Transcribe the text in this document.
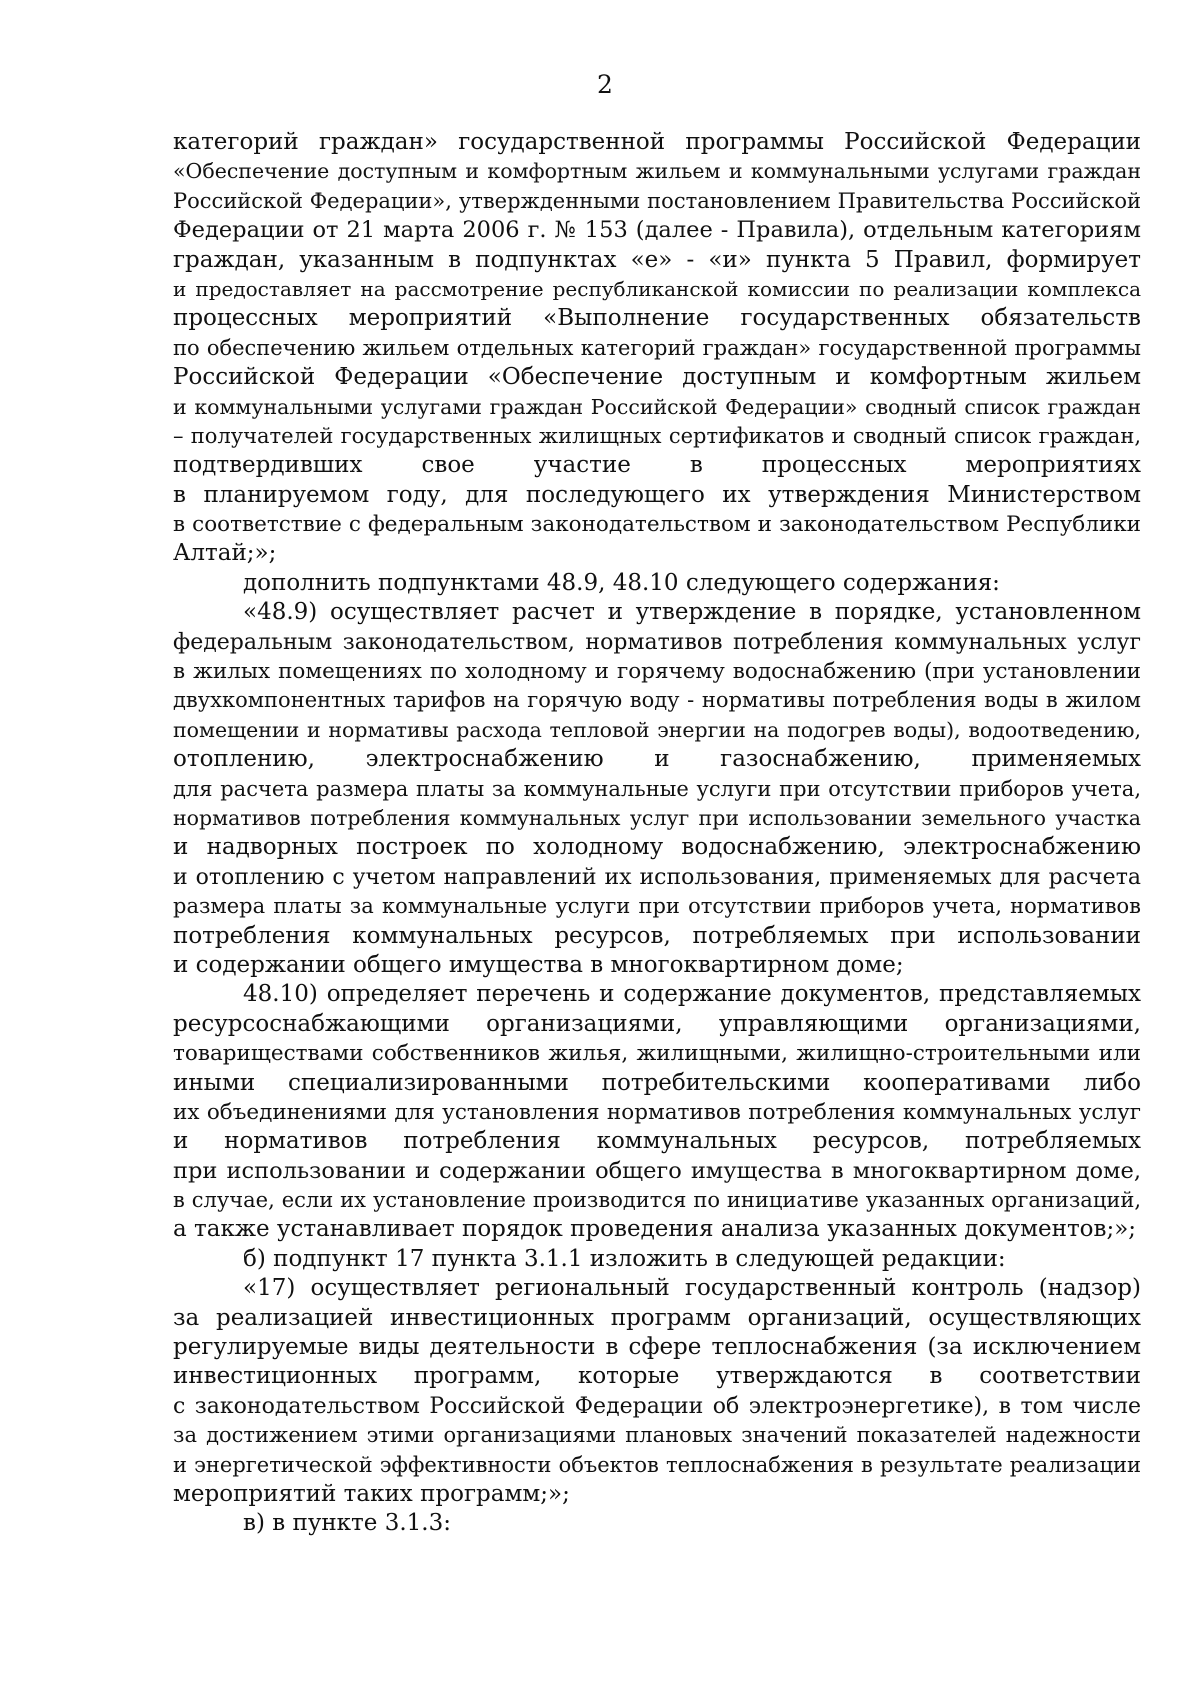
2
категорий граждан» государственной программы Российской Федерации
«Обеспечение доступным и комфортным жильем и коммунальными услугами граждан
Российской Федерации», утвержденными постановлением Правительства Российской
Федерации от 21 марта 2006 г. № 153 (далее - Правила), отдельным категориям
граждан, указанным в подпунктах «е» - «и» пункта 5 Правил, формирует
и предоставляет на рассмотрение республиканской комиссии по реализации комплекса
процессных мероприятий «Выполнение государственных обязательств
по обеспечению жильем отдельных категорий граждан» государственной программы
Российской Федерации «Обеспечение доступным и комфортным жильем
и коммунальными услугами граждан Российской Федерации» сводный список граждан
– получателей государственных жилищных сертификатов и сводный список граждан,
подтвердивших свое участие в процессных мероприятиях
в планируемом году, для последующего их утверждения Министерством
в соответствие с федеральным законодательством и законодательством Республики
Алтай;»;
дополнить подпунктами 48.9, 48.10 следующего содержания:
«48.9) осуществляет расчет и утверждение в порядке, установленном
федеральным законодательством, нормативов потребления коммунальных услуг
в жилых помещениях по холодному и горячему водоснабжению (при установлении
двухкомпонентных тарифов на горячую воду - нормативы потребления воды в жилом
помещении и нормативы расхода тепловой энергии на подогрев воды), водоотведению,
отоплению, электроснабжению и газоснабжению, применяемых
для расчета размера платы за коммунальные услуги при отсутствии приборов учета,
нормативов потребления коммунальных услуг при использовании земельного участка
и надворных построек по холодному водоснабжению, электроснабжению
и отоплению с учетом направлений их использования, применяемых для расчета
размера платы за коммунальные услуги при отсутствии приборов учета, нормативов
потребления коммунальных ресурсов, потребляемых при использовании
и содержании общего имущества в многоквартирном доме;
48.10) определяет перечень и содержание документов, представляемых
ресурсоснабжающими организациями, управляющими организациями,
товариществами собственников жилья, жилищными, жилищно-строительными или
иными специализированными потребительскими кооперативами либо
их объединениями для установления нормативов потребления коммунальных услуг
и нормативов потребления коммунальных ресурсов, потребляемых
при использовании и содержании общего имущества в многоквартирном доме,
в случае, если их установление производится по инициативе указанных организаций,
а также устанавливает порядок проведения анализа указанных документов;»;
б) подпункт 17 пункта 3.1.1 изложить в следующей редакции:
«17) осуществляет региональный государственный контроль (надзор)
за реализацией инвестиционных программ организаций, осуществляющих
регулируемые виды деятельности в сфере теплоснабжения (за исключением
инвестиционных программ, которые утверждаются в соответствии
с законодательством Российской Федерации об электроэнергетике), в том числе
за достижением этими организациями плановых значений показателей надежности
и энергетической эффективности объектов теплоснабжения в результате реализации
мероприятий таких программ;»;
в) в пункте 3.1.3:
